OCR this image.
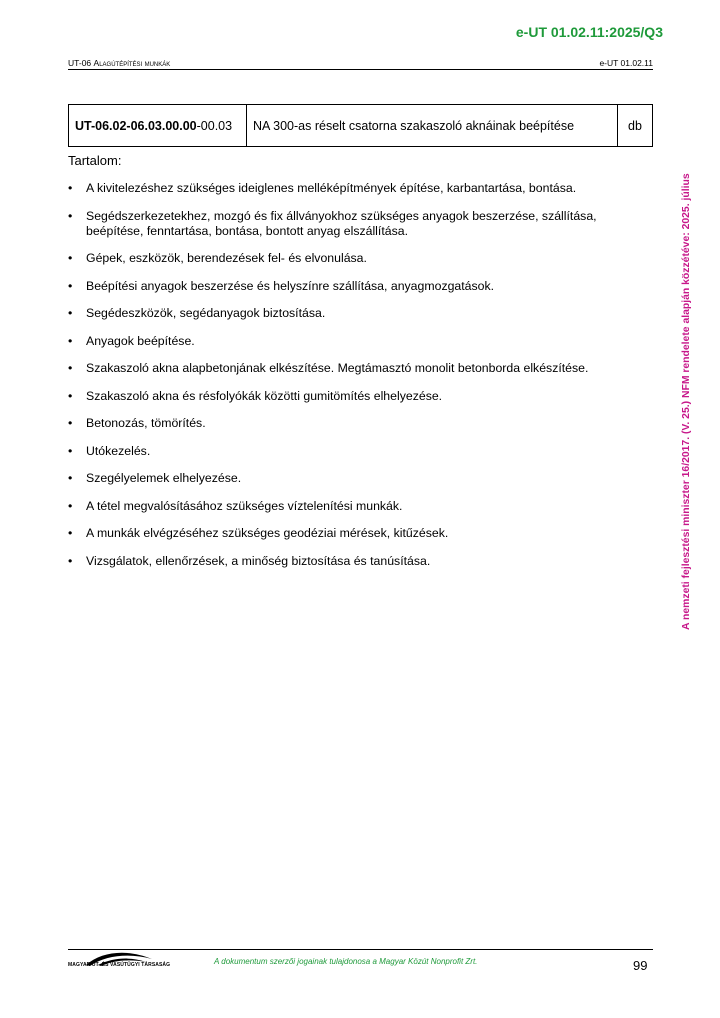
e-UT 01.02.11:2025/Q3
UT-06 Alagútépítési munkák	e-UT 01.02.11
UT-06.02-06.03.00.00-00.03	NA 300-as réselt csatorna szakaszoló aknáinak beépítése	db
Tartalom:
• A kivitelezéshez szükséges ideiglenes melléképítmények építése, karbantartása, bontása.
• Segédszerkezetekhez, mozgó és fix állványokhoz szükséges anyagok beszerzése, szállítása, beépítése, fenntartása, bontása, bontott anyag elszállítása.
• Gépek, eszközök, berendezések fel- és elvonulása.
• Beépítési anyagok beszerzése és helyszínre szállítása, anyagmozgatások.
• Segédeszközök, segédanyagok biztosítása.
• Anyagok beépítése.
• Szakaszoló akna alapbetonjának elkészítése. Megtámasztó monolit betonborda elkészítése.
• Szakaszoló akna és résfolyókák közötti gumitömítés elhelyezése.
• Betonozás, tömörítés.
• Utókezelés.
• Szegélyelemek elhelyezése.
• A tétel megvalósításához szükséges víztelenítési munkák.
• A munkák elvégzéséhez szükséges geodéziai mérések, kitűzések.
• Vizsgálatok, ellenőrzések, a minőség biztosítása és tanúsítása.	A nemzeti fejlesztési miniszter 16/2017. (V. 25.) NFM rendelete alapján közzétéve: 2025. július
MAGYAR ÚT- ÉS VASÚTÜGYI TÁRSASÁG	A dokumentum szerzői jogainak tulajdonosa a Magyar Közút Nonprofit Zrt.	99
